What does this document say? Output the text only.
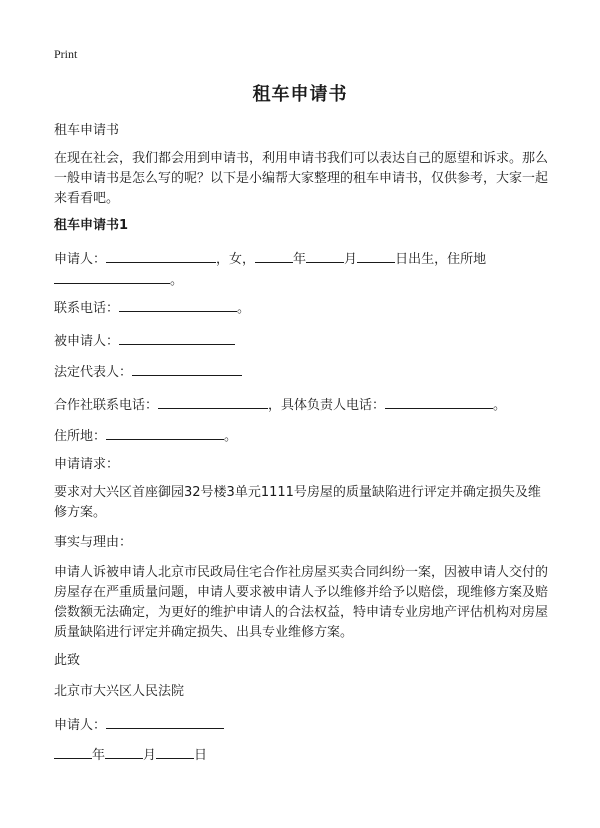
Print
租车申请书
租车申请书
在现在社会，我们都会用到申请书，利用申请书我们可以表达自己的愿望和诉求。那么一般申请书是怎么写的呢？以下是小编帮大家整理的租车申请书，仅供参考，大家一起来看看吧。
租车申请书1
申请人：	，女，	年	月	日出生，住所地
。
联系电话：	。
被申请人：
法定代表人：
合作社联系电话：	，具体负责人电话：	。
住所地：	。
申请请求：
要求对大兴区首座御园32号楼3单元1111号房屋的质量缺陷进行评定并确定损失及维修方案。
事实与理由：
申请人诉被申请人北京市民政局住宅合作社房屋买卖合同纠纷一案，因被申请人交付的房屋存在严重质量问题，申请人要求被申请人予以维修并给予以赔偿，现维修方案及赔偿数额无法确定，为更好的维护申请人的合法权益，特申请专业房地产评估机构对房屋质量缺陷进行评定并确定损失、出具专业维修方案。
此致
北京市大兴区人民法院
申请人：
年	月	日
